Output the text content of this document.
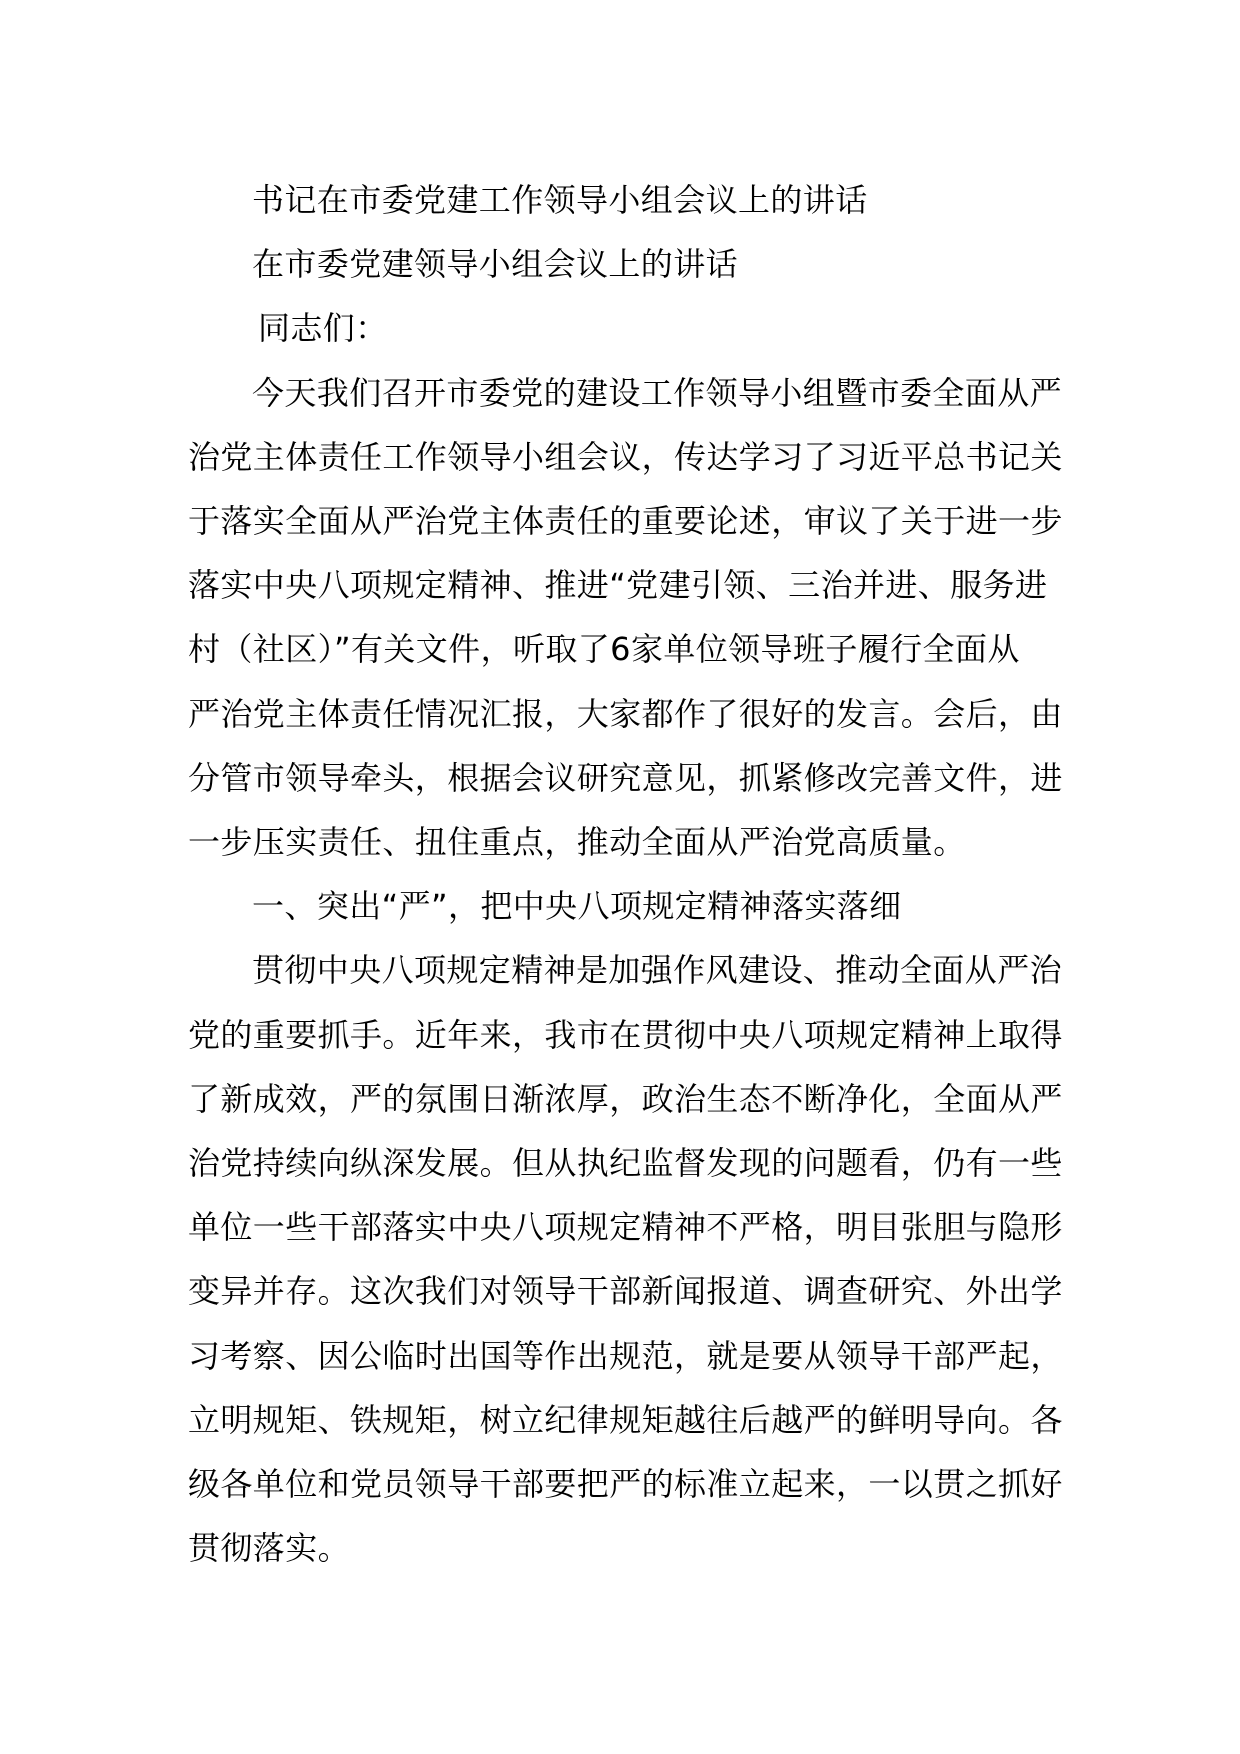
书记在市委党建工作领导小组会议上的讲话
在市委党建领导小组会议上的讲话
同志们：
今天我们召开市委党的建设工作领导小组暨市委全面从严
治党主体责任工作领导小组会议，传达学习了习近平总书记关
于落实全面从严治党主体责任的重要论述，审议了关于进一步
落实中央八项规定精神、推进“党建引领、三治并进、服务进
村（社区）”有关文件，听取了6家单位领导班子履行全面从
严治党主体责任情况汇报，大家都作了很好的发言。会后，由
分管市领导牵头，根据会议研究意见，抓紧修改完善文件，进
一步压实责任、扭住重点，推动全面从严治党高质量。
一、突出“严”，把中央八项规定精神落实落细
贯彻中央八项规定精神是加强作风建设、推动全面从严治
党的重要抓手。近年来，我市在贯彻中央八项规定精神上取得
了新成效，严的氛围日渐浓厚，政治生态不断净化，全面从严
治党持续向纵深发展。但从执纪监督发现的问题看，仍有一些
单位一些干部落实中央八项规定精神不严格，明目张胆与隐形
变异并存。这次我们对领导干部新闻报道、调查研究、外出学
习考察、因公临时出国等作出规范，就是要从领导干部严起，
立明规矩、铁规矩，树立纪律规矩越往后越严的鲜明导向。各
级各单位和党员领导干部要把严的标准立起来，一以贯之抓好
贯彻落实。
